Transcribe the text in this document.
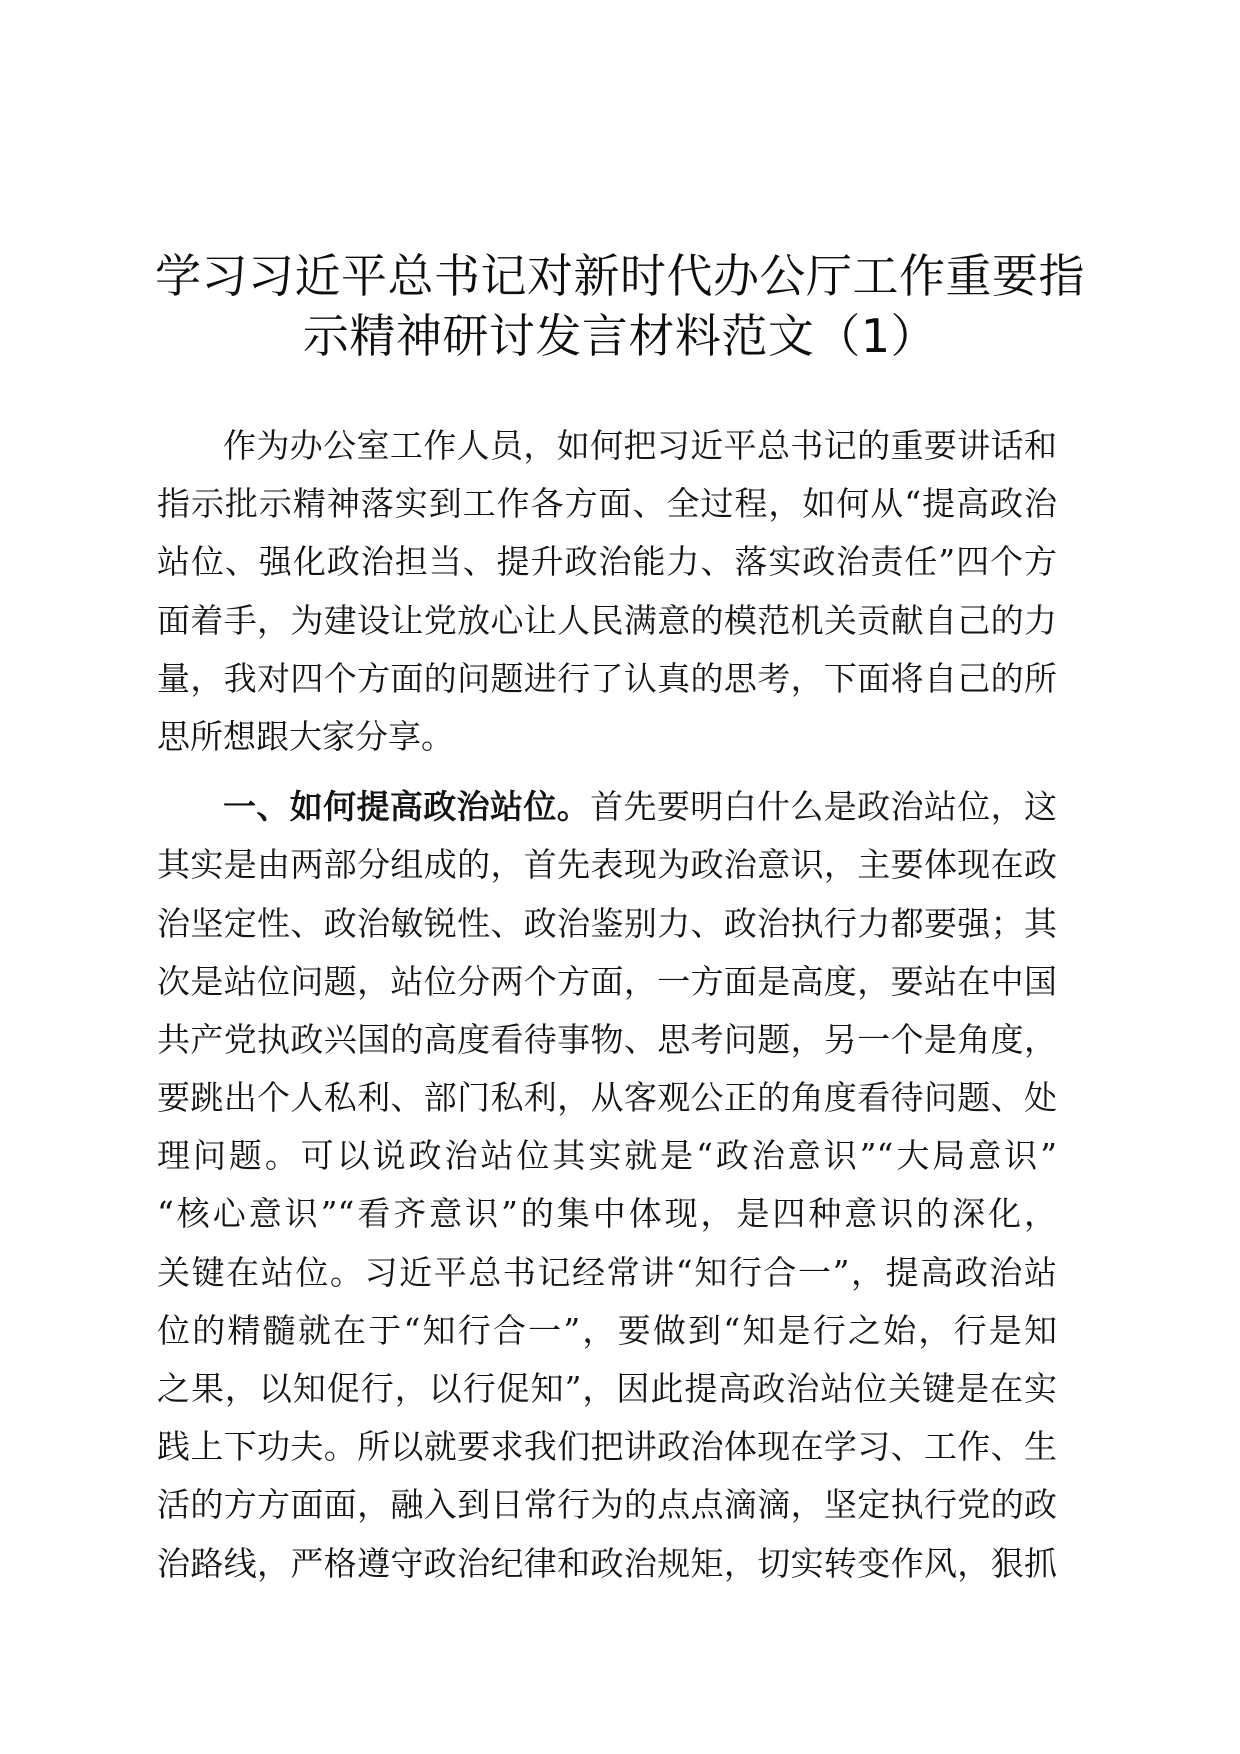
学习习近平总书记对新时代办公厅工作重要指
示精神研讨发言材料范文（1）
作为办公室工作人员，如何把习近平总书记的重要讲话和
指示批示精神落实到工作各方面、全过程，如何从“提高政治
站位、强化政治担当、提升政治能力、落实政治责任”四个方
面着手，为建设让党放心让人民满意的模范机关贡献自己的力
量，我对四个方面的问题进行了认真的思考，下面将自己的所
思所想跟大家分享。
一、如何提高政治站位。首先要明白什么是政治站位，这
其实是由两部分组成的，首先表现为政治意识，主要体现在政
治坚定性、政治敏锐性、政治鉴别力、政治执行力都要强；其
次是站位问题，站位分两个方面，一方面是高度，要站在中国
共产党执政兴国的高度看待事物、思考问题，另一个是角度，
要跳出个人私利、部门私利，从客观公正的角度看待问题、处
理问题。可以说政治站位其实就是“政治意识”“大局意识”
“核心意识”“看齐意识”的集中体现，是四种意识的深化，
关键在站位。习近平总书记经常讲“知行合一”，提高政治站
位的精髓就在于“知行合一”，要做到“知是行之始，行是知
之果，以知促行，以行促知”，因此提高政治站位关键是在实
践上下功夫。所以就要求我们把讲政治体现在学习、工作、生
活的方方面面，融入到日常行为的点点滴滴，坚定执行党的政
治路线，严格遵守政治纪律和政治规矩，切实转变作风，狠抓
